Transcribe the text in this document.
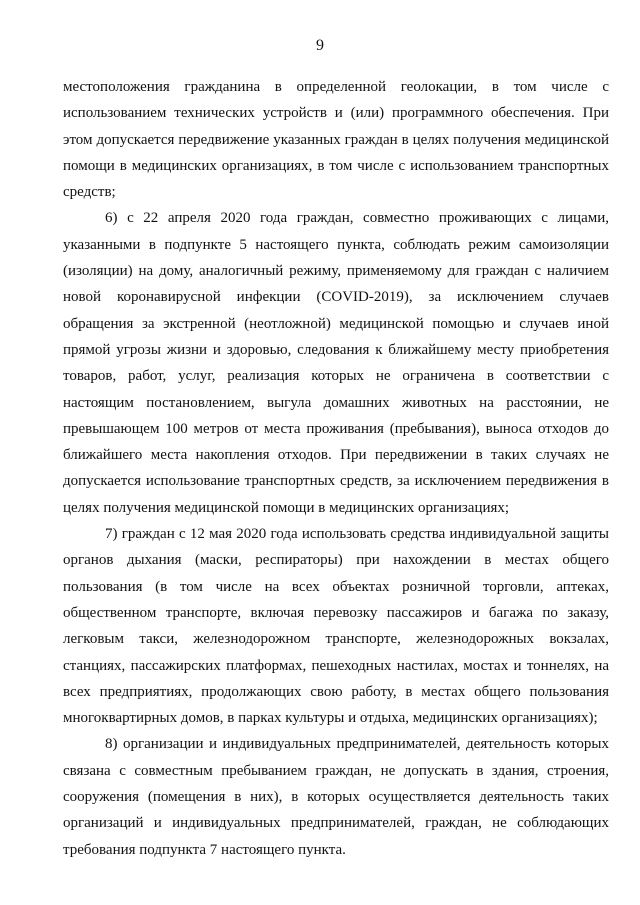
9

местоположения гражданина в определенной геолокации, в том числе с использованием технических устройств и (или) программного обеспечения. При этом допускается передвижение указанных граждан в целях получения медицинской помощи в медицинских организациях, в том числе с использованием транспортных средств;

6) с 22 апреля 2020 года граждан, совместно проживающих с лицами, указанными в подпункте 5 настоящего пункта, соблюдать режим самоизоляции (изоляции) на дому, аналогичный режиму, применяемому для граждан с наличием новой коронавирусной инфекции (COVID-2019), за исключением случаев обращения за экстренной (неотложной) медицинской помощью и случаев иной прямой угрозы жизни и здоровью, следования к ближайшему месту приобретения товаров, работ, услуг, реализация которых не ограничена в соответствии с настоящим постановлением, выгула домашних животных на расстоянии, не превышающем 100 метров от места проживания (пребывания), выноса отходов до ближайшего места накопления отходов. При передвижении в таких случаях не допускается использование транспортных средств, за исключением передвижения в целях получения медицинской помощи в медицинских организациях;

7) граждан с 12 мая 2020 года использовать средства индивидуальной защиты органов дыхания (маски, респираторы) при нахождении в местах общего пользования (в том числе на всех объектах розничной торговли, аптеках, общественном транспорте, включая перевозку пассажиров и багажа по заказу, легковым такси, железнодорожном транспорте, железнодорожных вокзалах, станциях, пассажирских платформах, пешеходных настилах, мостах и тоннелях, на всех предприятиях, продолжающих свою работу, в местах общего пользования многоквартирных домов, в парках культуры и отдыха, медицинских организациях);

8) организации и индивидуальных предпринимателей, деятельность которых связана с совместным пребыванием граждан, не допускать в здания, строения, сооружения (помещения в них), в которых осуществляется деятельность таких организаций и индивидуальных предпринимателей, граждан, не соблюдающих требования подпункта 7 настоящего пункта.
